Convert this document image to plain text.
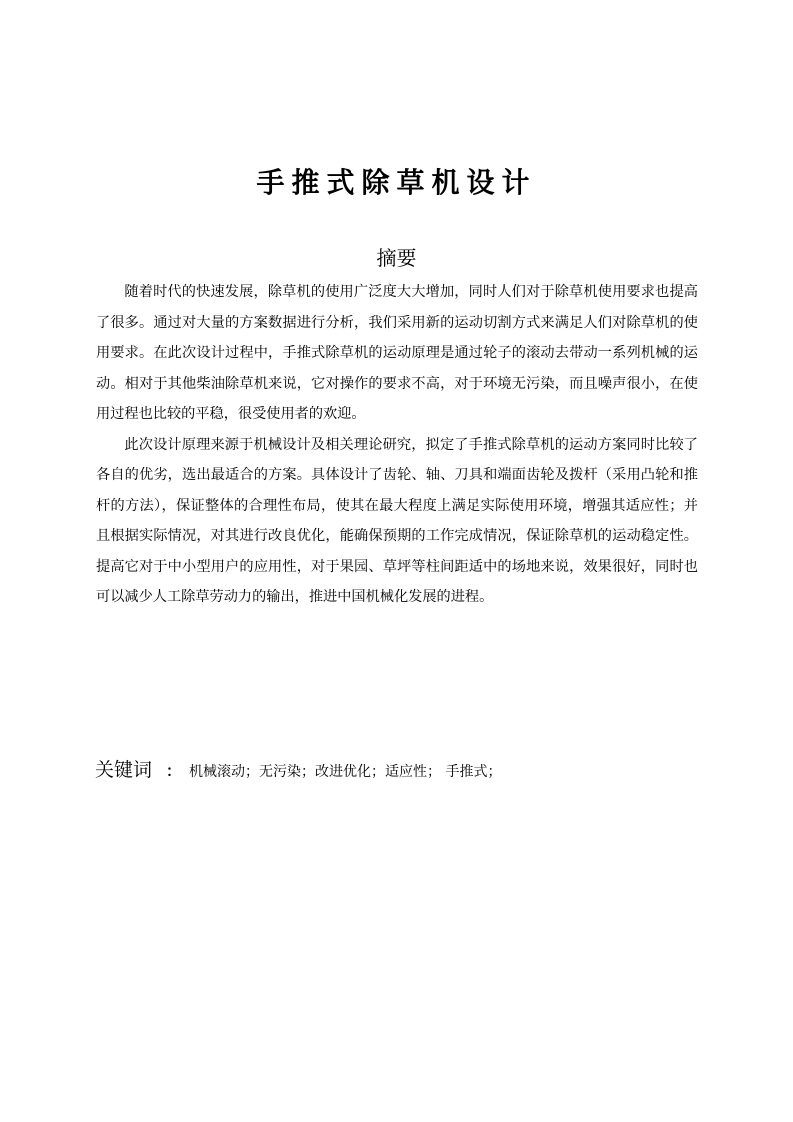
手推式除草机设计
摘要

随着时代的快速发展，除草机的使用广泛度大大增加，同时人们对于除草机使用要求也提高了很多。通过对大量的方案数据进行分析，我们采用新的运动切割方式来满足人们对除草机的使用要求。在此次设计过程中，手推式除草机的运动原理是通过轮子的滚动去带动一系列机械的运动。相对于其他柴油除草机来说，它对操作的要求不高，对于环境无污染，而且噪声很小，在使用过程也比较的平稳，很受使用者的欢迎。

此次设计原理来源于机械设计及相关理论研究，拟定了手推式除草机的运动方案同时比较了各自的优劣，选出最适合的方案。具体设计了齿轮、轴、刀具和端面齿轮及拨杆（采用凸轮和推杆的方法），保证整体的合理性布局，使其在最大程度上满足实际使用环境，增强其适应性；并且根据实际情况，对其进行改良优化，能确保预期的工作完成情况，保证除草机的运动稳定性。提高它对于中小型用户的应用性，对于果园、草坪等柱间距适中的场地来说，效果很好，同时也可以减少人工除草劳动力的输出，推进中国机械化发展的进程。

关键词 ： 机械滚动；无污染；改进优化；适应性； 手推式；
